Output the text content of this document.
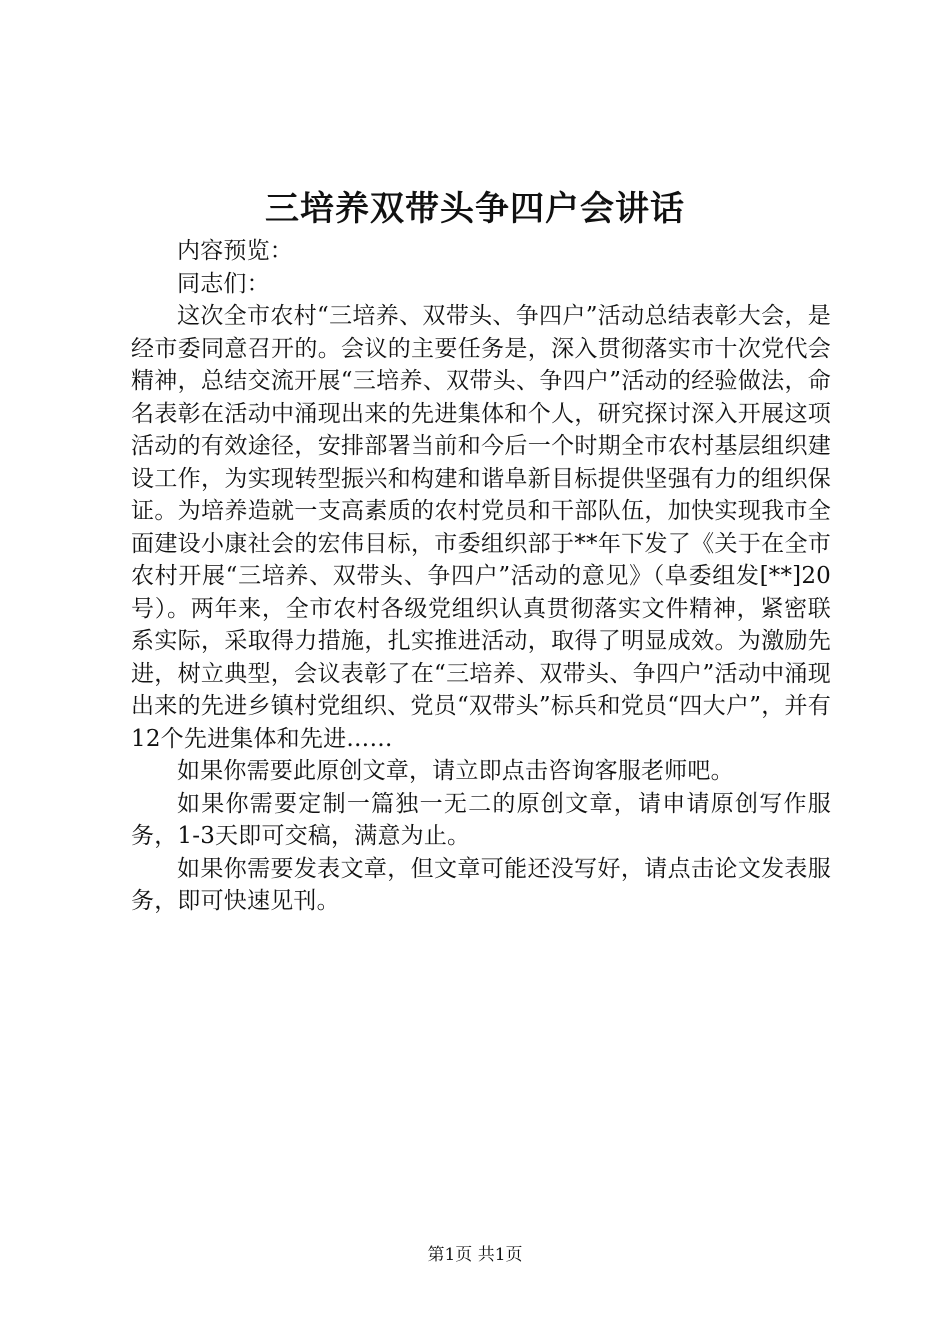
三培养双带头争四户会讲话

内容预览：

同志们：

这次全市农村“三培养、双带头、争四户”活动总结表彰大会，是经市委同意召开的。会议的主要任务是，深入贯彻落实市十次党代会精神，总结交流开展“三培养、双带头、争四户”活动的经验做法，命名表彰在活动中涌现出来的先进集体和个人，研究探讨深入开展这项活动的有效途径，安排部署当前和今后一个时期全市农村基层组织建设工作，为实现转型振兴和构建和谐阜新目标提供坚强有力的组织保证。为培养造就一支高素质的农村党员和干部队伍，加快实现我市全面建设小康社会的宏伟目标，市委组织部于**年下发了《关于在全市农村开展“三培养、双带头、争四户”活动的意见》（阜委组发[**]20号）。两年来，全市农村各级党组织认真贯彻落实文件精神，紧密联系实际，采取得力措施，扎实推进活动，取得了明显成效。为激励先进，树立典型，会议表彰了在“三培养、双带头、争四户”活动中涌现出来的先进乡镇村党组织、党员“双带头”标兵和党员“四大户”，并有12个先进集体和先进……

如果你需要此原创文章，请立即点击咨询客服老师吧。

如果你需要定制一篇独一无二的原创文章，请申请原创写作服务，1-3天即可交稿，满意为止。

如果你需要发表文章，但文章可能还没写好，请点击论文发表服务，即可快速见刊。

第1页 共1页
